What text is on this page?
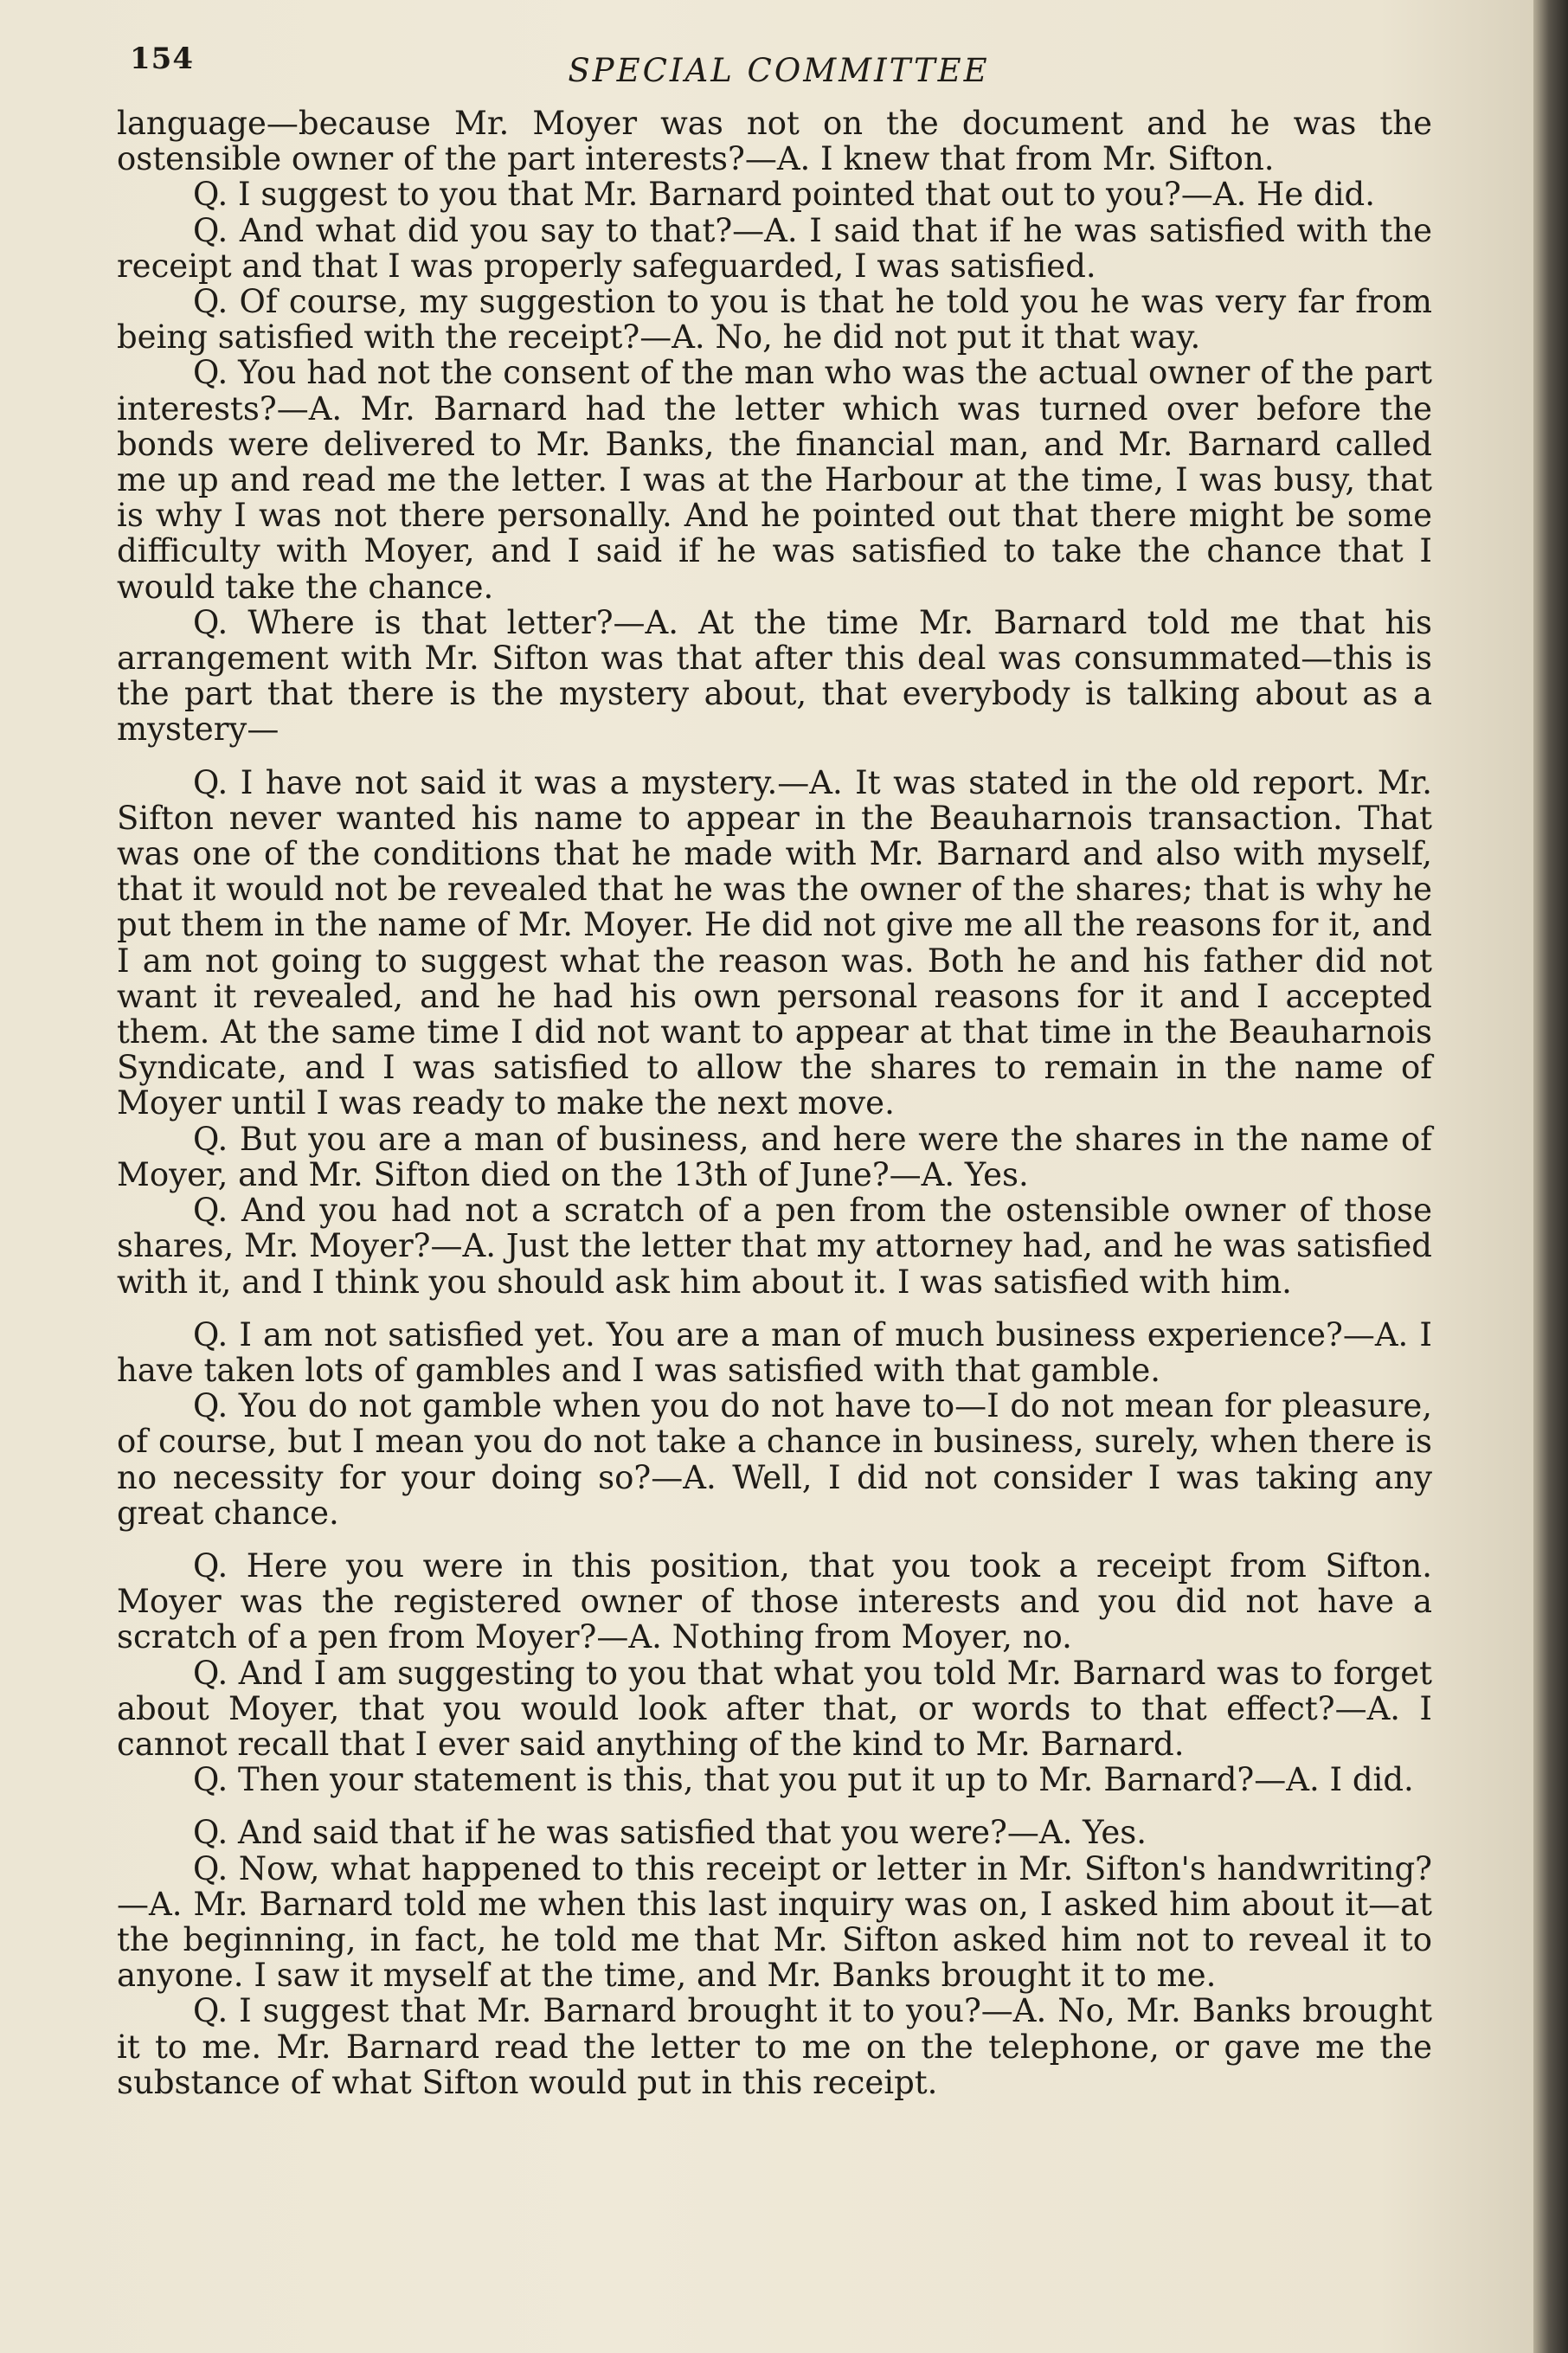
154	SPECIAL COMMITTEE

language—because Mr. Moyer was not on the document and he was the ostensible owner of the part interests?—A. I knew that from Mr. Sifton.

Q. I suggest to you that Mr. Barnard pointed that out to you?—A. He did.

Q. And what did you say to that?—A. I said that if he was satisfied with the receipt and that I was properly safeguarded, I was satisfied.

Q. Of course, my suggestion to you is that he told you he was very far from being satisfied with the receipt?—A. No, he did not put it that way.

Q. You had not the consent of the man who was the actual owner of the part interests?—A. Mr. Barnard had the letter which was turned over before the bonds were delivered to Mr. Banks, the financial man, and Mr. Barnard called me up and read me the letter. I was at the Harbour at the time, I was busy, that is why I was not there personally. And he pointed out that there might be some difficulty with Moyer, and I said if he was satisfied to take the chance that I would take the chance.

Q. Where is that letter?—A. At the time Mr. Barnard told me that his arrangement with Mr. Sifton was that after this deal was consummated—this is the part that there is the mystery about, that everybody is talking about as a mystery—

Q. I have not said it was a mystery.—A. It was stated in the old report. Mr. Sifton never wanted his name to appear in the Beauharnois transaction. That was one of the conditions that he made with Mr. Barnard and also with myself, that it would not be revealed that he was the owner of the shares; that is why he put them in the name of Mr. Moyer. He did not give me all the reasons for it, and I am not going to suggest what the reason was. Both he and his father did not want it revealed, and he had his own personal reasons for it and I accepted them. At the same time I did not want to appear at that time in the Beauharnois Syndicate, and I was satisfied to allow the shares to remain in the name of Moyer until I was ready to make the next move.

Q. But you are a man of business, and here were the shares in the name of Moyer, and Mr. Sifton died on the 13th of June?—A. Yes.

Q. And you had not a scratch of a pen from the ostensible owner of those shares, Mr. Moyer?—A. Just the letter that my attorney had, and he was satisfied with it, and I think you should ask him about it. I was satisfied with him.

Q. I am not satisfied yet. You are a man of much business experience?—A. I have taken lots of gambles and I was satisfied with that gamble.

Q. You do not gamble when you do not have to—I do not mean for pleasure, of course, but I mean you do not take a chance in business, surely, when there is no necessity for your doing so?—A. Well, I did not consider I was taking any great chance.

Q. Here you were in this position, that you took a receipt from Sifton. Moyer was the registered owner of those interests and you did not have a scratch of a pen from Moyer?—A. Nothing from Moyer, no.

Q. And I am suggesting to you that what you told Mr. Barnard was to forget about Moyer, that you would look after that, or words to that effect?—A. I cannot recall that I ever said anything of the kind to Mr. Barnard.

Q. Then your statement is this, that you put it up to Mr. Barnard?—A. I did.

Q. And said that if he was satisfied that you were?—A. Yes.

Q. Now, what happened to this receipt or letter in Mr. Sifton's handwriting?—A. Mr. Barnard told me when this last inquiry was on, I asked him about it—at the beginning, in fact, he told me that Mr. Sifton asked him not to reveal it to anyone. I saw it myself at the time, and Mr. Banks brought it to me.

Q. I suggest that Mr. Barnard brought it to you?—A. No, Mr. Banks brought it to me. Mr. Barnard read the letter to me on the telephone, or gave me the substance of what Sifton would put in this receipt.
